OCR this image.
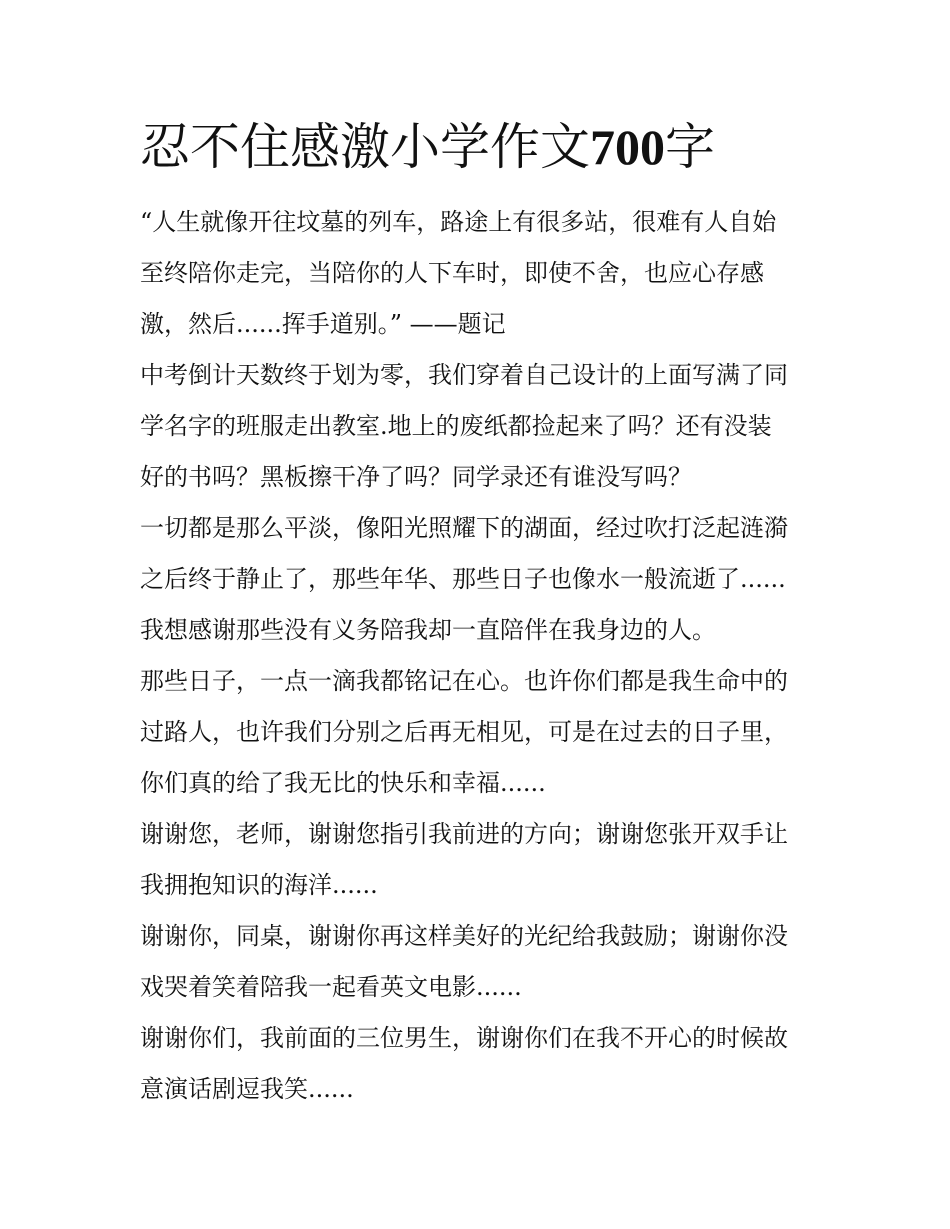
忍不住感激小学作文700字

“人生就像开往坟墓的列车，路途上有很多站，很难有人自始
至终陪你走完，当陪你的人下车时，即使不舍，也应心存感
激，然后......挥手道别。” ——题记

中考倒计天数终于划为零，我们穿着自己设计的上面写满了同
学名字的班服走出教室.地上的废纸都捡起来了吗？还有没装
好的书吗？黑板擦干净了吗？同学录还有谁没写吗？

一切都是那么平淡，像阳光照耀下的湖面，经过吹打泛起涟漪
之后终于静止了，那些年华、那些日子也像水一般流逝了......
我想感谢那些没有义务陪我却一直陪伴在我身边的人。

那些日子，一点一滴我都铭记在心。也许你们都是我生命中的
过路人，也许我们分别之后再无相见，可是在过去的日子里，
你们真的给了我无比的快乐和幸福......

谢谢您，老师，谢谢您指引我前进的方向；谢谢您张开双手让
我拥抱知识的海洋......

谢谢你，同桌，谢谢你再这样美好的光纪给我鼓励；谢谢你没
戏哭着笑着陪我一起看英文电影......

谢谢你们，我前面的三位男生，谢谢你们在我不开心的时候故
意演话剧逗我笑......
